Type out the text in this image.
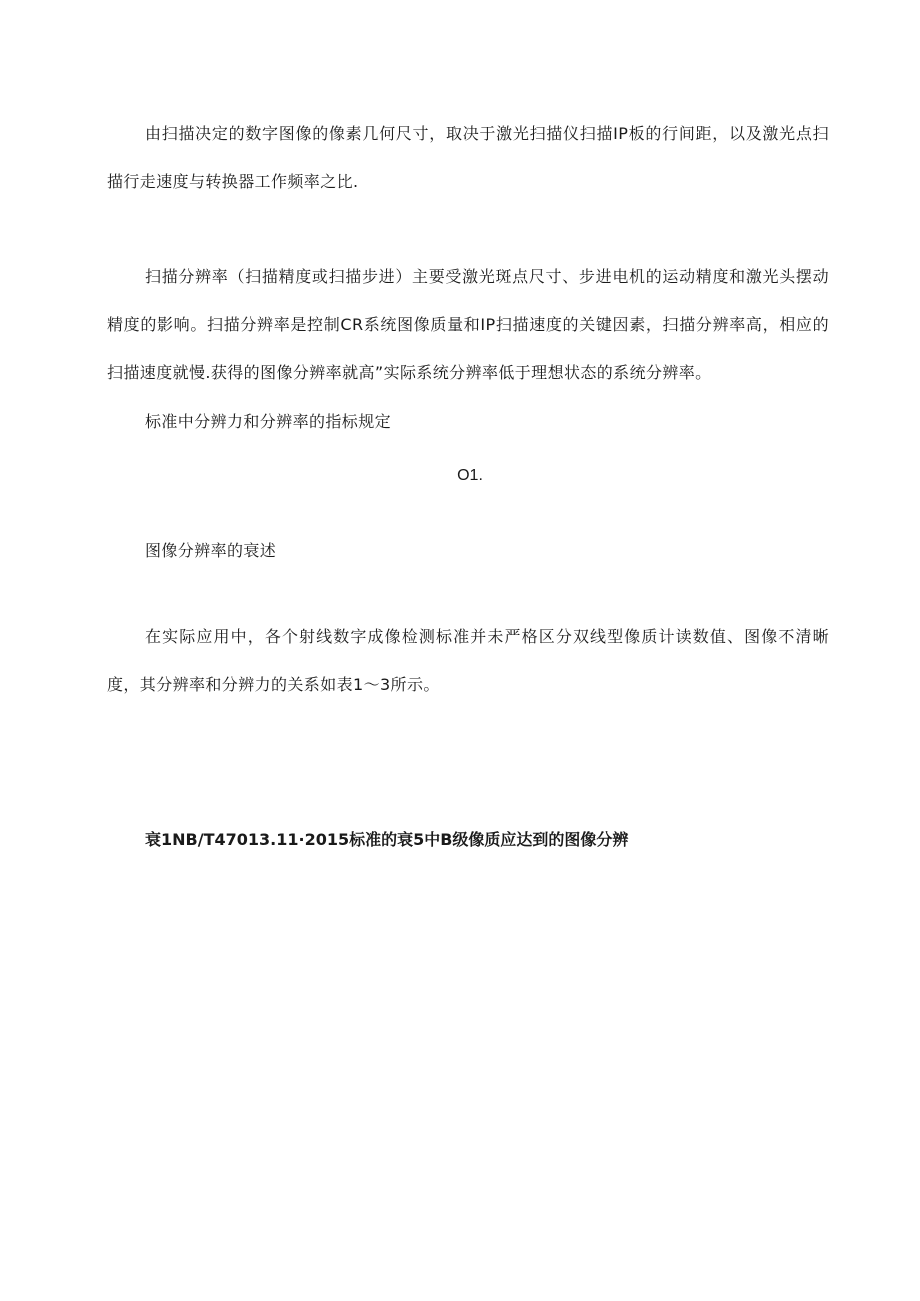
由扫描决定的数字图像的像素几何尺寸，取决于激光扫描仪扫描IP板的行间距，以及激光点扫描行走速度与转换器工作频率之比.

扫描分辨率（扫描精度或扫描步进）主要受激光斑点尺寸、步进电机的运动精度和激光头摆动精度的影响。扫描分辨率是控制CR系统图像质量和IP扫描速度的关键因素，扫描分辨率高，相应的扫描速度就慢.获得的图像分辨率就高”实际系统分辨率低于理想状态的系统分辨率。

标准中分辨力和分辨率的指标规定

O1.

图像分辨率的衰述

在实际应用中，各个射线数字成像检测标准并未严格区分双线型像质计读数值、图像不清晰度，其分辨率和分辨力的关系如表1～3所示。

衰1NB/T47013.11·2015标准的衰5中B级像质应达到的图像分辨
